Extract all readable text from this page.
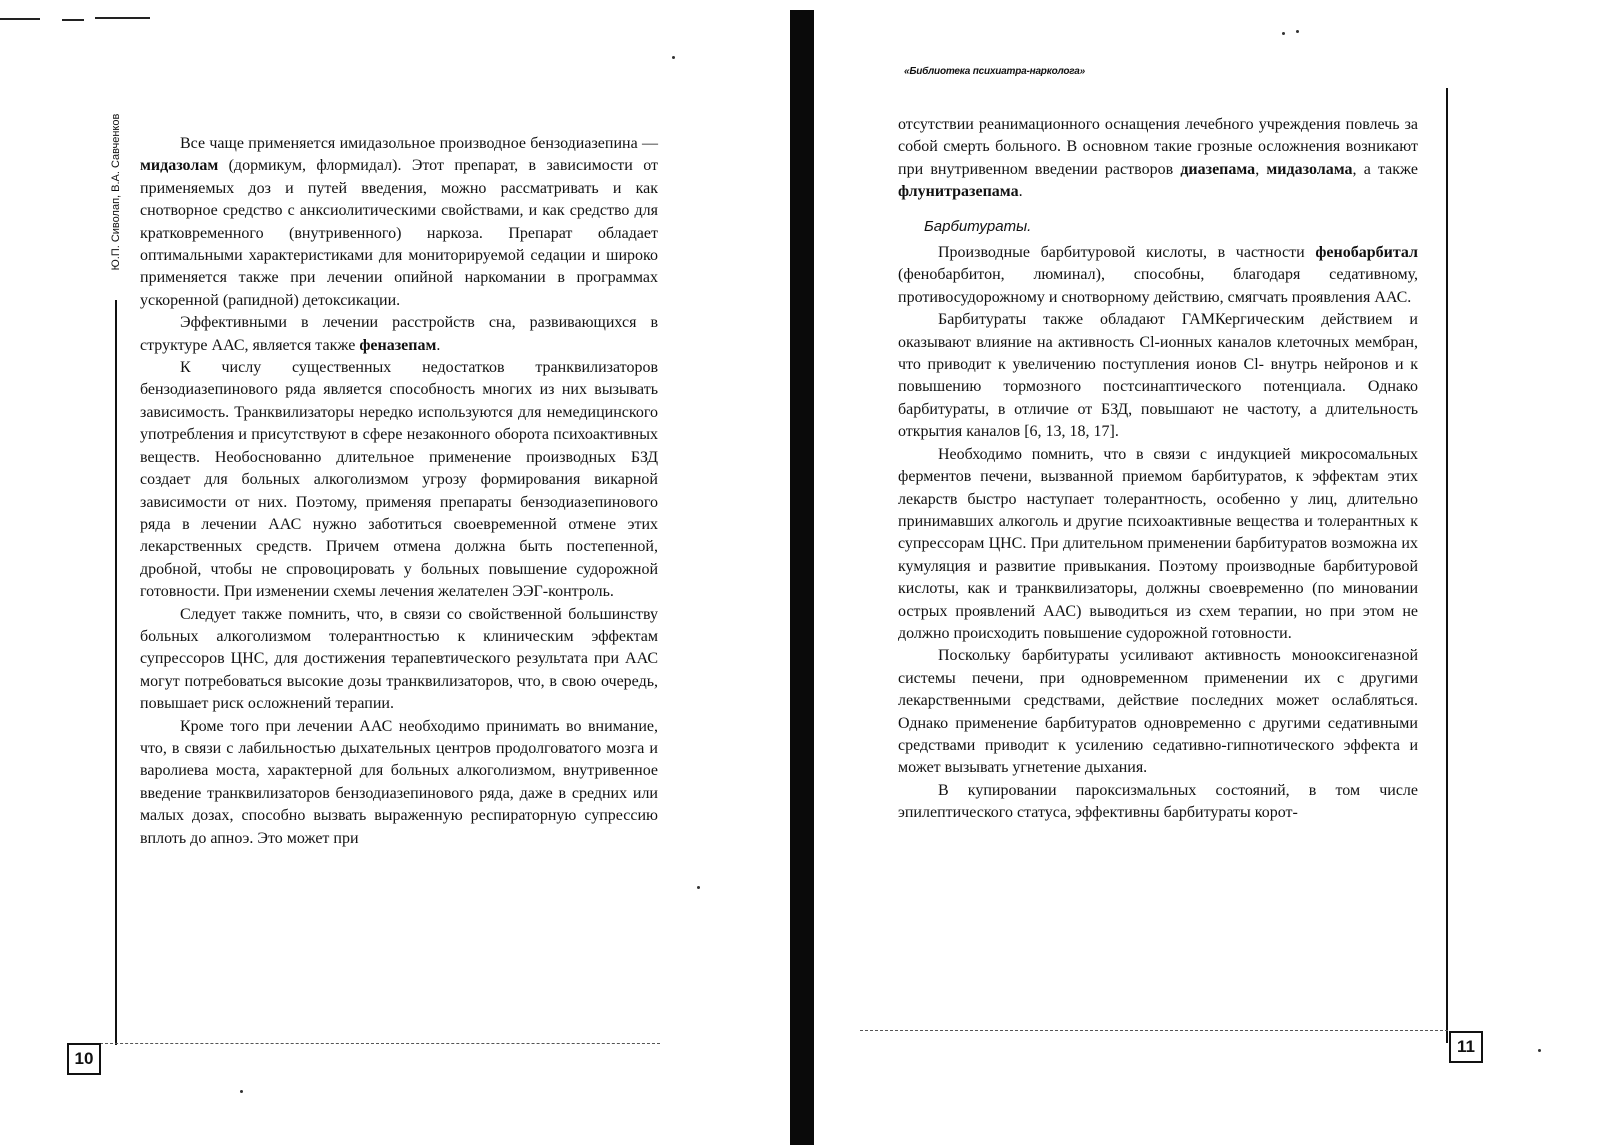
Ю.П. Сиволап, В.А. Савченков
10

Все чаще применяется имидазольное производное бензодиазепина — мидазолам (дормикум, флормидал). Этот препарат, в зависимости от применяемых доз и путей введения, можно рассматривать и как снотворное средство с анксиолитическими свойствами, и как средство для кратковременного (внутривенного) наркоза. Препарат обладает оптимальными характеристиками для мониторируемой седации и широко применяется также при лечении опийной наркомании в программах ускоренной (рапидной) детоксикации.

Эффективными в лечении расстройств сна, развивающихся в структуре ААС, является также феназепам.

К числу существенных недостатков транквилизаторов бензодиазепинового ряда является способность многих из них вызывать зависимость. Транквилизаторы нередко используются для немедицинского употребления и присутствуют в сфере незаконного оборота психоактивных веществ. Необоснованно длительное применение производных БЗД создает для больных алкоголизмом угрозу формирования викарной зависимости от них. Поэтому, применяя препараты бензодиазепинового ряда в лечении ААС нужно заботиться своевременной отмене этих лекарственных средств. Причем отмена должна быть постепенной, дробной, чтобы не спровоцировать у больных повышение судорожной готовности. При изменении схемы лечения желателен ЭЭГ-контроль.

Следует также помнить, что, в связи со свойственной большинству больных алкоголизмом толерантностью к клиническим эффектам супрессоров ЦНС, для достижения терапевтического результата при ААС могут потребоваться высокие дозы транквилизаторов, что, в свою очередь, повышает риск осложнений терапии.

Кроме того при лечении ААС необходимо принимать во внимание, что, в связи с лабильностью дыхательных центров продолговатого мозга и варолиева моста, характерной для больных алкоголизмом, внутривенное введение транквилизаторов бензодиазепинового ряда, даже в средних или малых дозах, способно вызвать выраженную респираторную супрессию вплоть до апноэ. Это может при

«Библиотека психиатра-нарколога»
11

отсутствии реанимационного оснащения лечебного учреждения повлечь за собой смерть больного. В основном такие грозные осложнения возникают при внутривенном введении растворов диазепама, мидазолама, а также флунитразепама.

Барбитураты.

Производные барбитуровой кислоты, в частности фенобарбитал (фенобарбитон, люминал), способны, благодаря седативному, противосудорожному и снотворному действию, смягчать проявления ААС.

Барбитураты также обладают ГАМКергическим действием и оказывают влияние на активность Cl-ионных каналов клеточных мембран, что приводит к увеличению поступления ионов Cl- внутрь нейронов и к повышению тормозного постсинаптического потенциала. Однако барбитураты, в отличие от БЗД, повышают не частоту, а длительность открытия каналов [6, 13, 18, 17].

Необходимо помнить, что в связи с индукцией микросомальных ферментов печени, вызванной приемом барбитуратов, к эффектам этих лекарств быстро наступает толерантность, особенно у лиц, длительно принимавших алкоголь и другие психоактивные вещества и толерантных к супрессорам ЦНС. При длительном применении барбитуратов возможна их кумуляция и развитие привыкания. Поэтому производные барбитуровой кислоты, как и транквилизаторы, должны своевременно (по миновании острых проявлений ААС) выводиться из схем терапии, но при этом не должно происходить повышение судорожной готовности.

Поскольку барбитураты усиливают активность монооксигеназной системы печени, при одновременном применении их с другими лекарственными средствами, действие последних может ослабляться. Однако применение барбитуратов одновременно с другими седативными средствами приводит к усилению седативно-гипнотического эффекта и может вызывать угнетение дыхания.

В купировании пароксизмальных состояний, в том числе эпилептического статуса, эффективны барбитураты корот-
